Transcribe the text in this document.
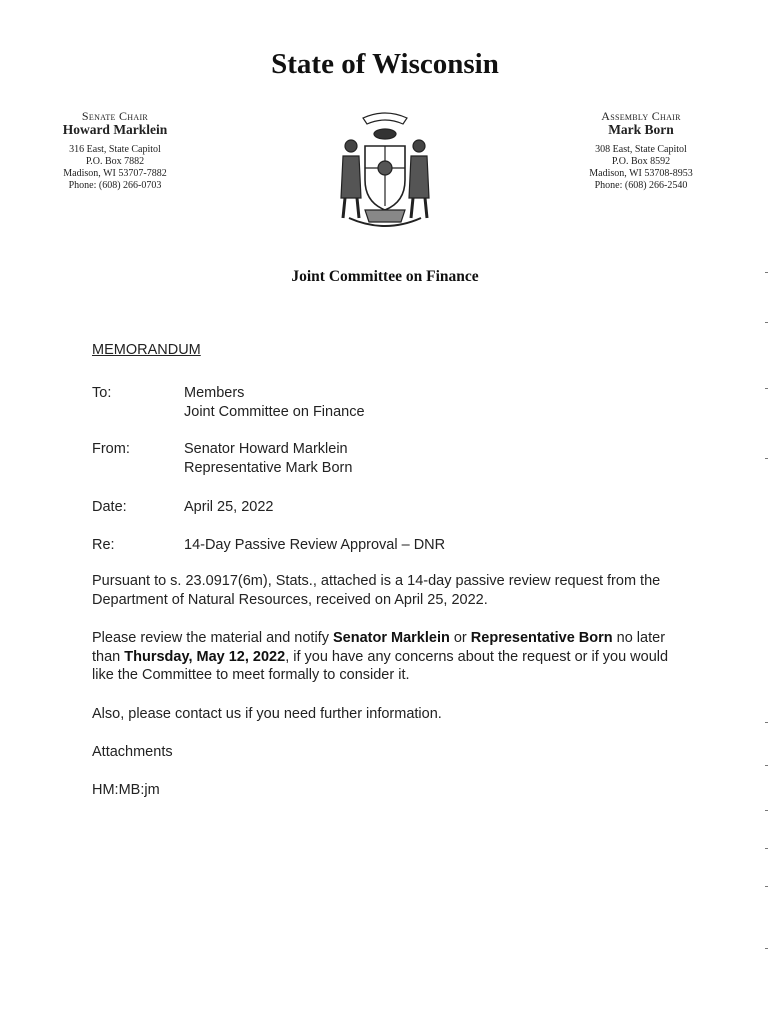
State of Wisconsin
Senate Chair
Howard Marklein
316 East, State Capitol
P.O. Box 7882
Madison, WI 53707-7882
Phone: (608) 266-0703
Assembly Chair
Mark Born
308 East, State Capitol
P.O. Box 8592
Madison, WI 53708-8953
Phone: (608) 266-2540
Joint Committee on Finance
MEMORANDUM
To:	Members
Joint Committee on Finance
From:	Senator Howard Marklein
Representative Mark Born
Date:	April 25, 2022
Re:	14-Day Passive Review Approval – DNR
Pursuant to s. 23.0917(6m), Stats., attached is a 14-day passive review request from the Department of Natural Resources, received on April 25, 2022.
Please review the material and notify Senator Marklein or Representative Born no later than Thursday, May 12, 2022, if you have any concerns about the request or if you would like the Committee to meet formally to consider it.
Also, please contact us if you need further information.
Attachments
HM:MB:jm
